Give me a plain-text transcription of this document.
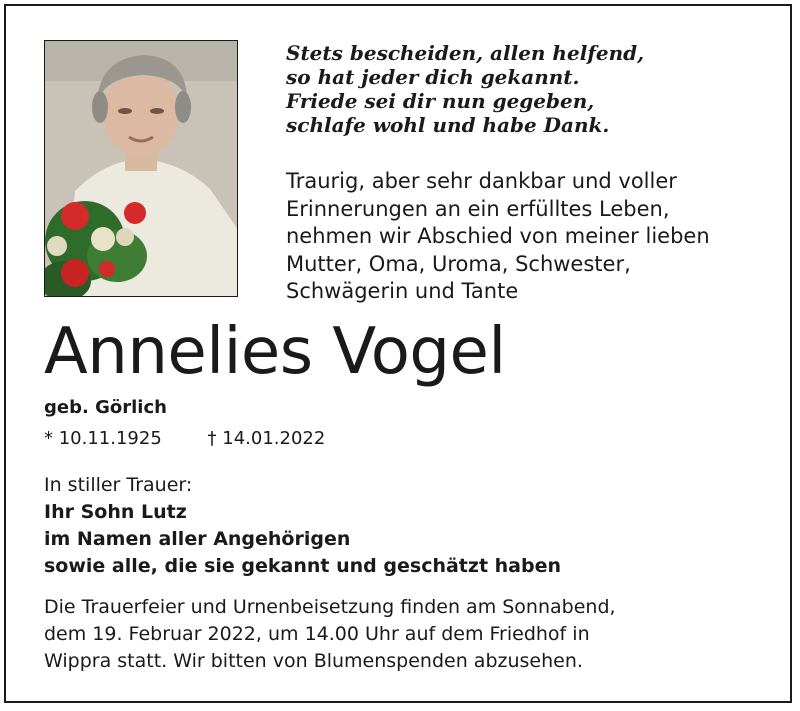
Stets bescheiden, allen helfend,
so hat jeder dich gekannt.
Friede sei dir nun gegeben,
schlafe wohl und habe Dank.
Traurig, aber sehr dankbar und voller
Erinnerungen an ein erfülltes Leben,
nehmen wir Abschied von meiner lieben
Mutter, Oma, Uroma, Schwester,
Schwägerin und Tante
Annelies Vogel
geb. Görlich
* 10.11.1925	† 14.01.2022
In stiller Trauer:
Ihr Sohn Lutz
im Namen aller Angehörigen
sowie alle, die sie gekannt und geschätzt haben
Die Trauerfeier und Urnenbeisetzung finden am Sonnabend,
dem 19. Februar 2022, um 14.00 Uhr auf dem Friedhof in
Wippra statt. Wir bitten von Blumenspenden abzusehen.
